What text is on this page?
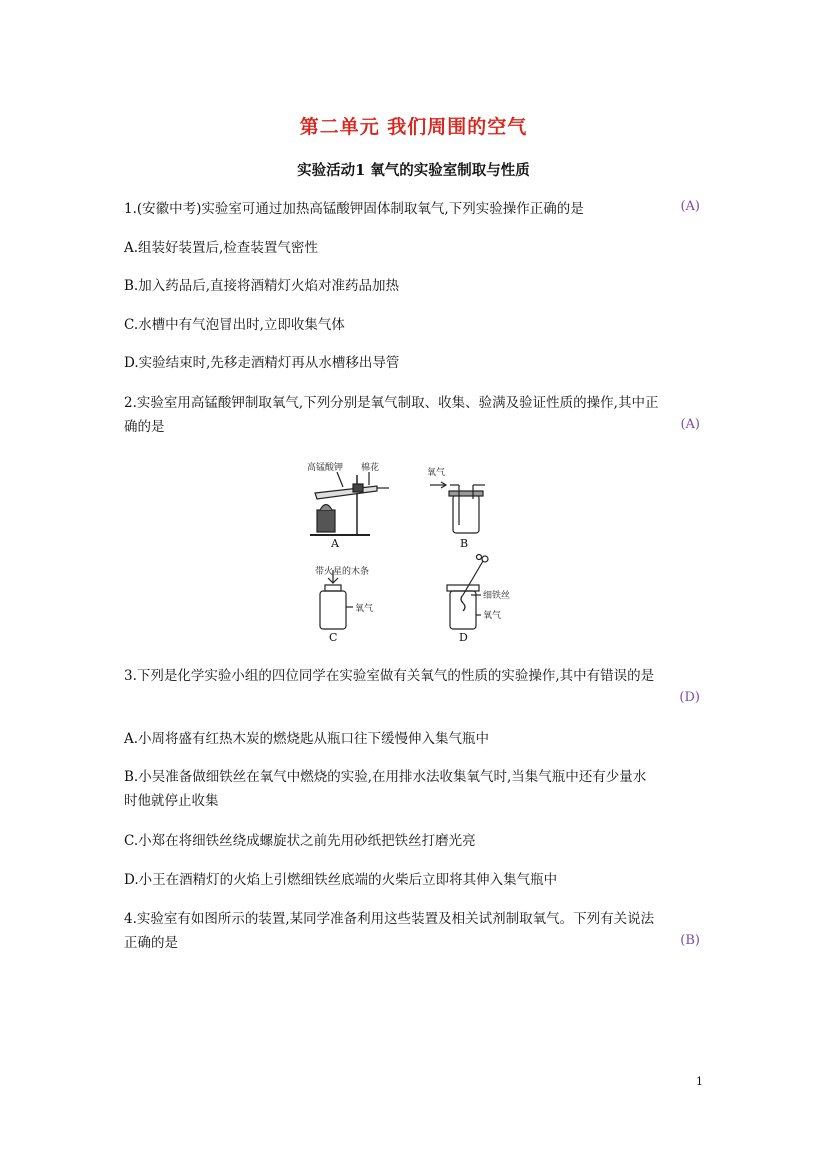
第二单元 我们周围的空气
实验活动1 氧气的实验室制取与性质
1.(安徽中考)实验室可通过加热高锰酸钾固体制取氧气,下列实验操作正确的是	(A)
A.组装好装置后,检查装置气密性
B.加入药品后,直接将酒精灯火焰对准药品加热
C.水槽中有气泡冒出时,立即收集气体
D.实验结束时,先移走酒精灯再从水槽移出导管
2.实验室用高锰酸钾制取氧气,下列分别是氧气制取、收集、验满及验证性质的操作,其中正
确的是	(A)
高锰酸钾 棉花
A
氧气
B
带火星的木条
氧气
C
细铁丝
氧气
D
3.下列是化学实验小组的四位同学在实验室做有关氧气的性质的实验操作,其中有错误的是
(D)
A.小周将盛有红热木炭的燃烧匙从瓶口往下缓慢伸入集气瓶中
B.小吴准备做细铁丝在氧气中燃烧的实验,在用排水法收集氧气时,当集气瓶中还有少量水
时他就停止收集
C.小郑在将细铁丝绕成螺旋状之前先用砂纸把铁丝打磨光亮
D.小王在酒精灯的火焰上引燃细铁丝底端的火柴后立即将其伸入集气瓶中
4.实验室有如图所示的装置,某同学准备利用这些装置及相关试剂制取氧气。下列有关说法
正确的是	(B)
1
